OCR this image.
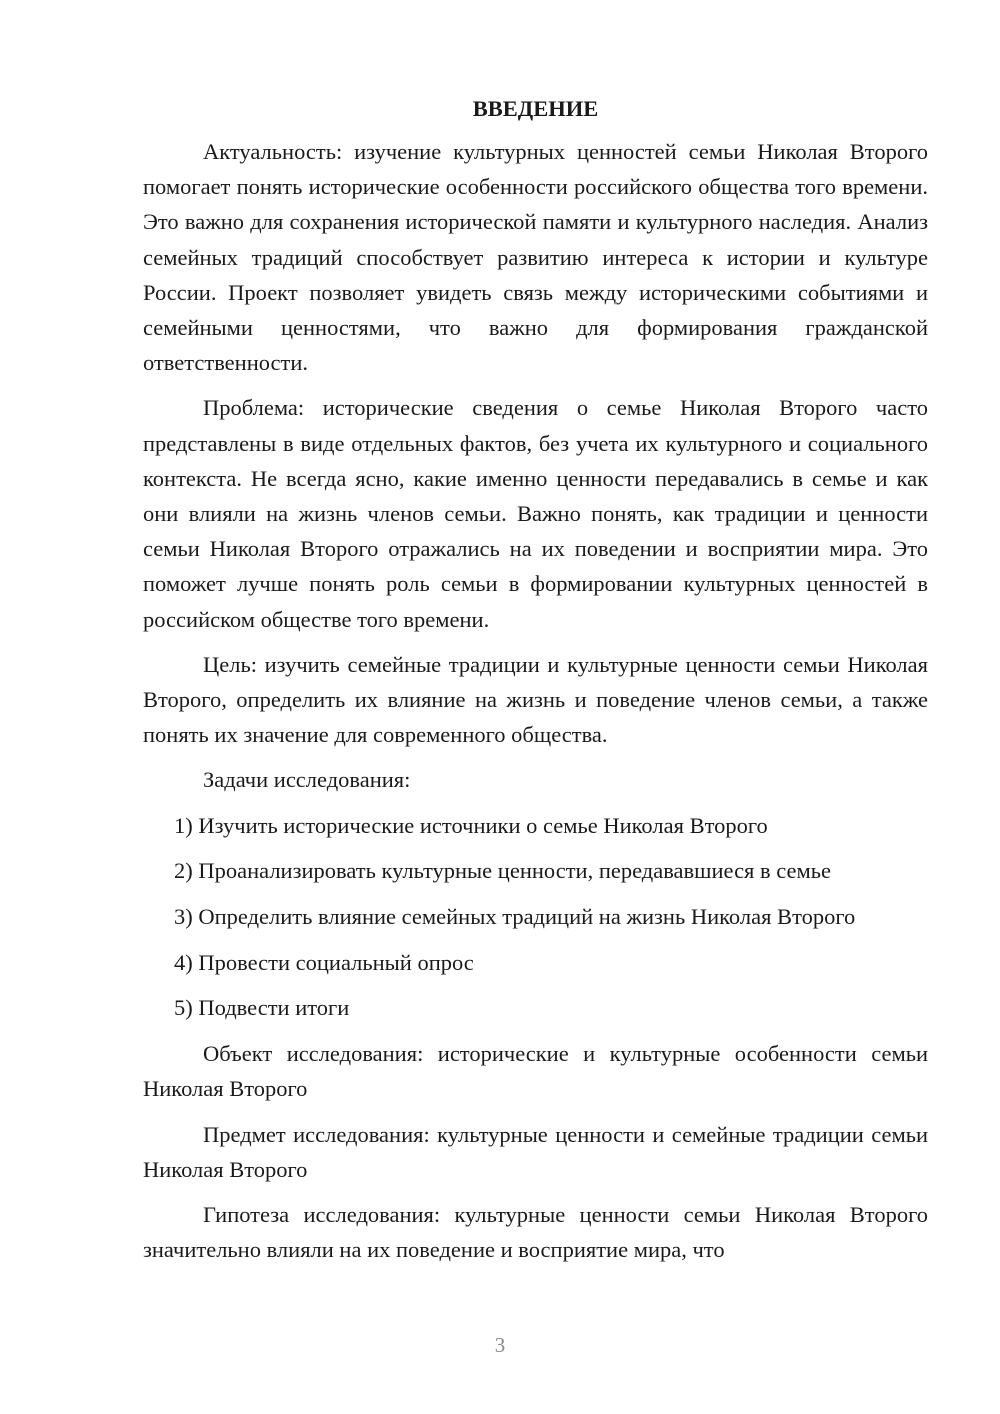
ВВЕДЕНИЕ

Актуальность: изучение культурных ценностей семьи Николая Второго помогает понять исторические особенности российского общества того времени. Это важно для сохранения исторической памяти и культурного наследия. Анализ семейных традиций способствует развитию интереса к истории и культуре России. Проект позволяет увидеть связь между историческими событиями и семейными ценностями, что важно для формирования гражданской ответственности.

Проблема: исторические сведения о семье Николая Второго часто представлены в виде отдельных фактов, без учета их культурного и социального контекста. Не всегда ясно, какие именно ценности передавались в семье и как они влияли на жизнь членов семьи. Важно понять, как традиции и ценности семьи Николая Второго отражались на их поведении и восприятии мира. Это поможет лучше понять роль семьи в формировании культурных ценностей в российском обществе того времени.

Цель: изучить семейные традиции и культурные ценности семьи Николая Второго, определить их влияние на жизнь и поведение членов семьи, а также понять их значение для современного общества.

Задачи исследования:
1) Изучить исторические источники о семье Николая Второго
2) Проанализировать культурные ценности, передававшиеся в семье
3) Определить влияние семейных традиций на жизнь Николая Второго
4) Провести социальный опрос
5) Подвести итоги

Объект исследования: исторические и культурные особенности семьи Николая Второго

Предмет исследования: культурные ценности и семейные традиции семьи Николая Второго

Гипотеза исследования: культурные ценности семьи Николая Второго значительно влияли на их поведение и восприятие мира, что

3
